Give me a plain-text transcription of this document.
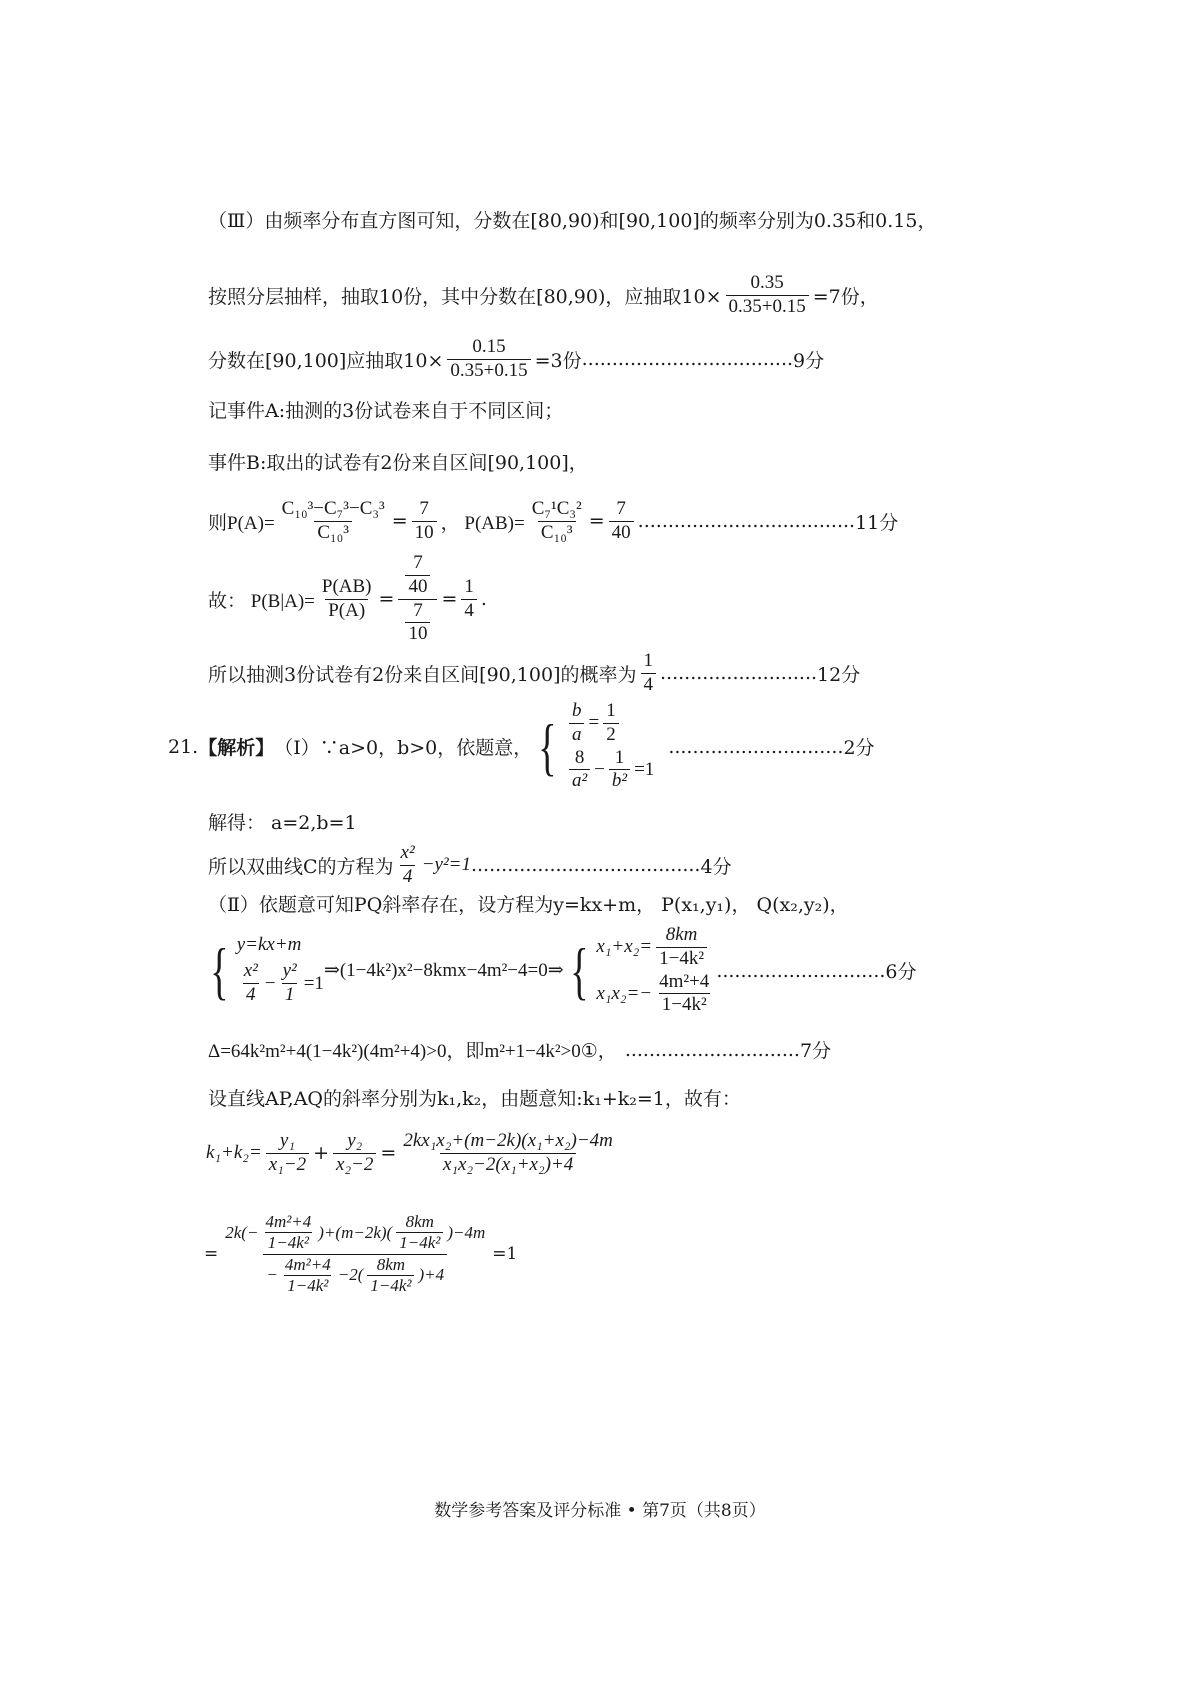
（Ⅲ）由频率分布直方图可知，分数在[80,90)和[90,100]的频率分别为0.35和0.15，
按照分层抽样，抽取10份，其中分数在[80,90)，应抽取$10\times \frac{0.35}{0.35+0.15} =7$份，
分数在[90,100]应抽取$10\times \frac{0.15}{0.35+0.15} =3$份 ................................... 9分
记事件A:抽测的3份试卷来自于不同区间；
事件B:取出的试卷有2份来自区间[90,100]，
则$P(A)= \frac{\text{C₁₀³−C₇³−C₃³}}{\text{C₁₀³}} = \frac{7}{10}$ ， $P(AB)= \frac{\text{C₇¹C₃²}}{\text{C₁₀³}} = \frac{7}{40}$ .................................... 11分
故： $P(B|A)= \frac{P(AB)}{P(A)} = \frac{\frac{7}{40}}{\frac{7}{10}} = \frac{1}{4}$ .
所以抽测3份试卷有2份来自区间[90,100]的概率为 $\frac{1}{4}$ .......................... 12分
21. 【解析】 （Ⅰ）∵a>0，b>0，依题意， { $\frac{b}{a} = \frac{1}{2}$
$\frac{8}{\text{a²}} - \frac{1}{\text{b²}} =1$
............................. 2分
解得： a=2,b=1
所以双曲线C的方程为 $\frac{\text{x²}}{4} -y^2=1$ ...................................... 4分
（Ⅱ）依题意可知PQ斜率存在，设方程为y=kx+m， P(x₁,y₁)， Q(x₂,y₂)，
{ y=kx+m
$\frac{\text{x²}}{4} - \frac{\text{y²}}{1} =1$
⇒(1−4k²)x²−8kmx−4m²−4=0⇒ { $x_1+x_2= \frac{8km}{\text{1−4k²}}$
$x_1x_2=- \frac{\text{4m²+4}}{\text{1−4k²}}$ ............................ 6分
Δ=64k²m²+4(1−4k²)(4m²+4)>0，即m²+1−4k²>0①， ............................. 7分
设直线AP,AQ的斜率分别为k₁,k₂，由题意知:k₁+k₂=1，故有：
$k_1+k_2= \frac{\text{y₁}}{\text{x₁−2}} + \frac{\text{y₂}}{\text{x₂−2}} = \frac{\text{2kx₁x₂+(m−2k)(x₁+x₂)−4m}}{\text{x₁x₂−2(x₁+x₂)+4}}$
=
$2k(- \frac{\text{4m²+4}}{\text{1−4k²}} )+(m-2k)( \frac{8km}{\text{1−4k²}} )-4m$
− $\frac{\text{4m²+4}}{\text{1−4k²}} -2( \frac{8km}{\text{1−4k²}} )+4$
=1
数学参考答案及评分标准 • 第7页（共8页）
